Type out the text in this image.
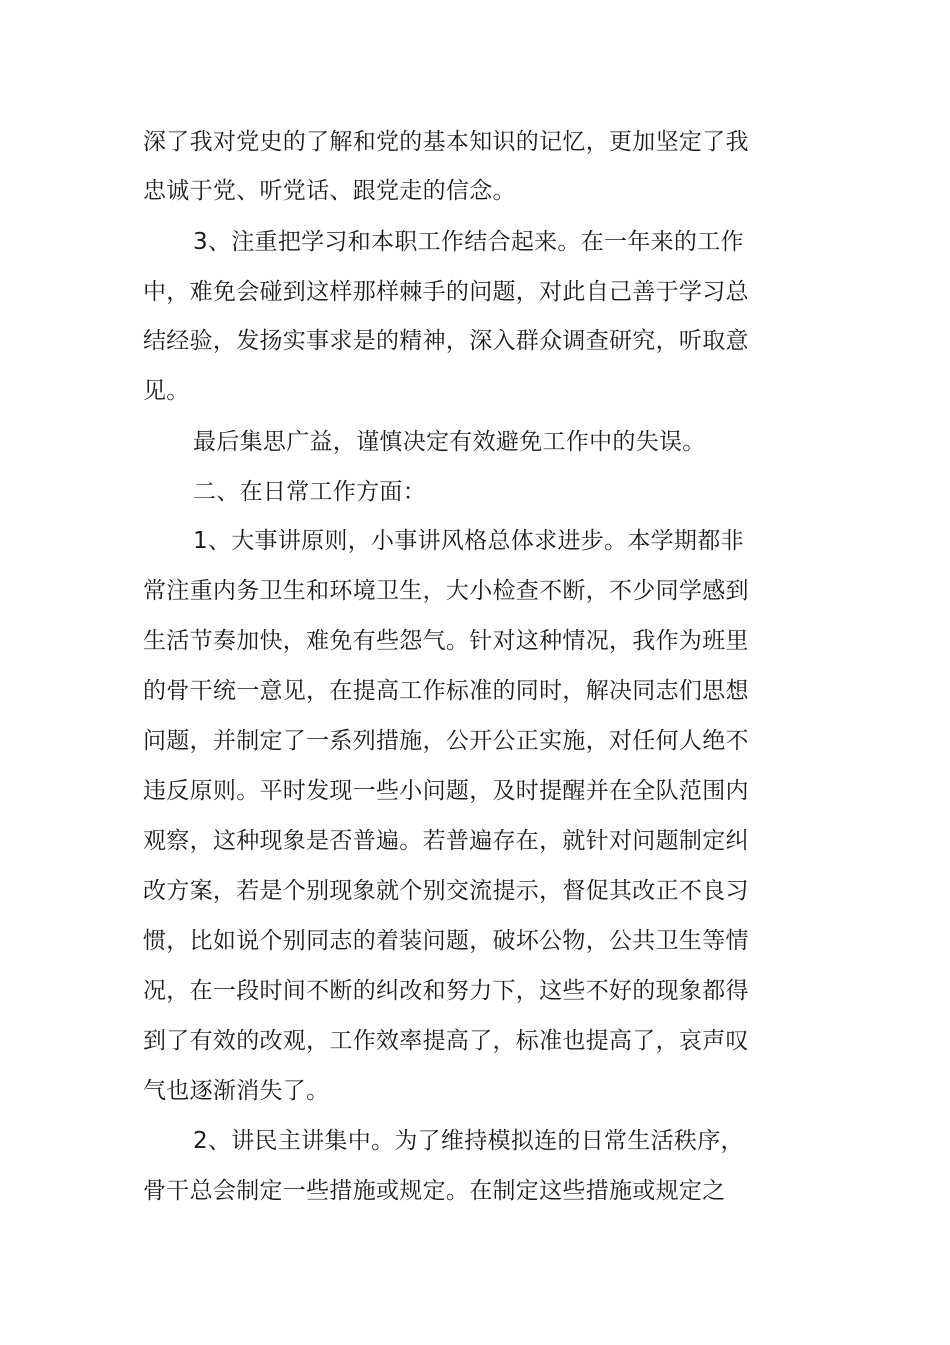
深了我对党史的了解和党的基本知识的记忆，更加坚定了我
忠诚于党、听党话、跟党走的信念。
3、注重把学习和本职工作结合起来。在一年来的工作
中，难免会碰到这样那样棘手的问题，对此自己善于学习总
结经验，发扬实事求是的精神，深入群众调查研究，听取意
见。
最后集思广益，谨慎决定有效避免工作中的失误。
二、在日常工作方面：
1、大事讲原则，小事讲风格总体求进步。本学期都非
常注重内务卫生和环境卫生，大小检查不断，不少同学感到
生活节奏加快，难免有些怨气。针对这种情况，我作为班里
的骨干统一意见，在提高工作标准的同时，解决同志们思想
问题，并制定了一系列措施，公开公正实施，对任何人绝不
违反原则。平时发现一些小问题，及时提醒并在全队范围内
观察，这种现象是否普遍。若普遍存在，就针对问题制定纠
改方案，若是个别现象就个别交流提示，督促其改正不良习
惯，比如说个别同志的着装问题，破坏公物，公共卫生等情
况，在一段时间不断的纠改和努力下，这些不好的现象都得
到了有效的改观，工作效率提高了，标准也提高了，哀声叹
气也逐渐消失了。
2、讲民主讲集中。为了维持模拟连的日常生活秩序，
骨干总会制定一些措施或规定。在制定这些措施或规定之
